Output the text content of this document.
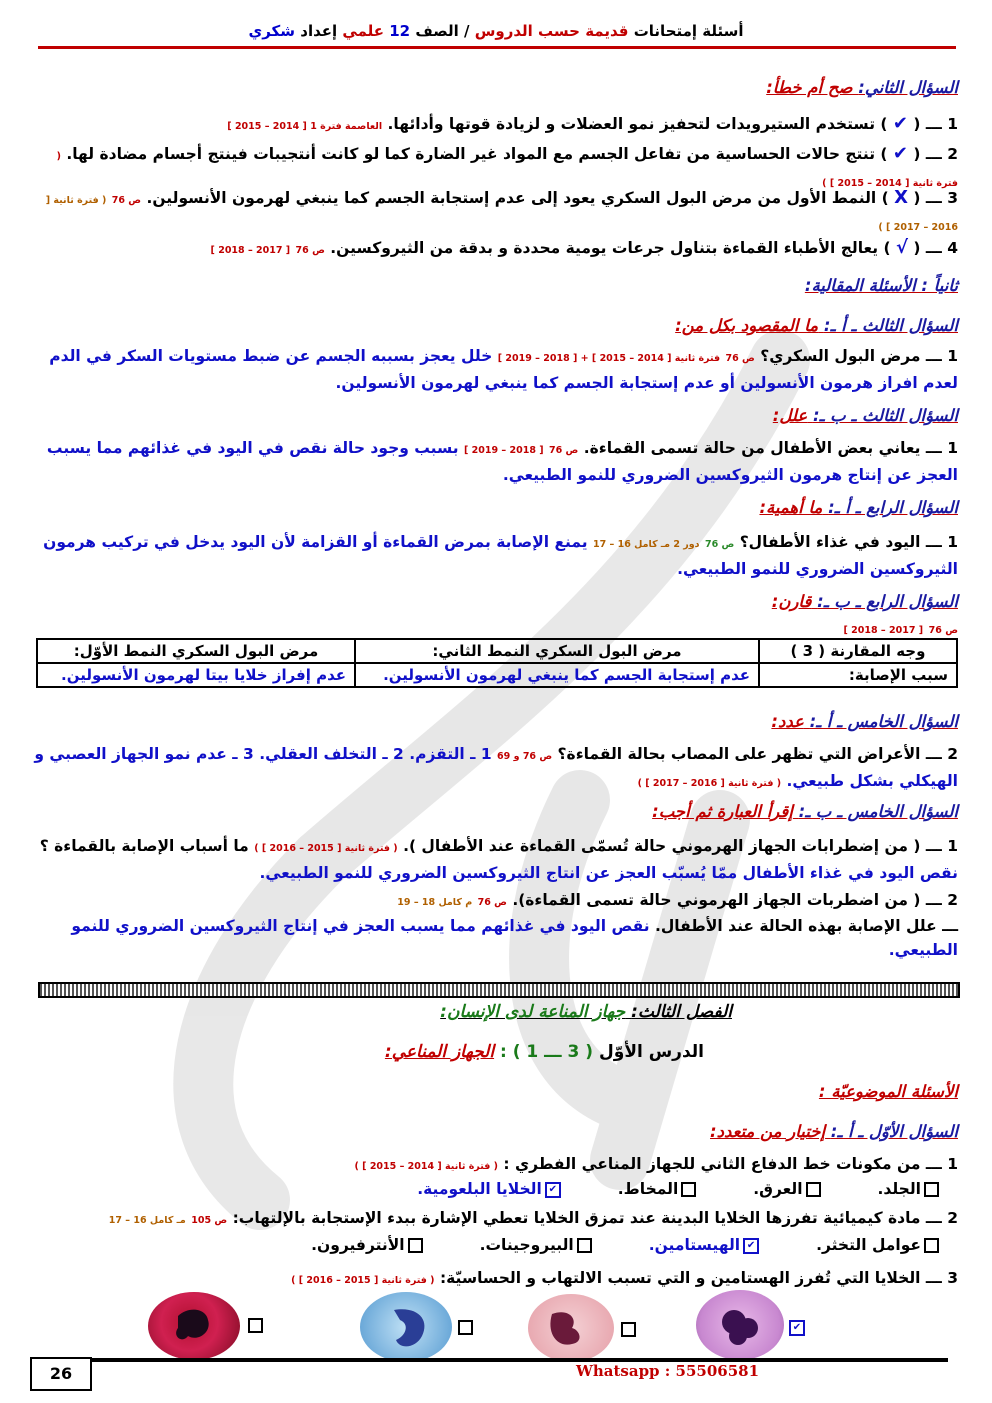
أسئلة إمتحانات قديمة حسب الدروس / الصف 12 علمي إعداد شكري
السؤال الثاني: صح أم خطأ:
1 ـــ ( ✔ ) تستخدم الستيرويدات لتحفيز نمو العضلات و لزيادة قوتها وأدائها. العاصمة فترة 1 [ 2014 – 2015 ]
2 ـــ ( ✔ ) تنتج حالات الحساسية من تفاعل الجسم مع المواد غير الضارة كما لو كانت أنتجيبات فينتج أجسام مضادة لها. ( فترة ثانية [ 2014 – 2015 ] )
3 ـــ ( X ) النمط الأول من مرض البول السكري يعود إلى عدم إستجابة الجسم كما ينبغي لهرمون الأنسولين. ص 76 ( فترة ثانية [ 2016 – 2017 ] )
4 ـــ ( √ ) يعالج الأطباء القماءة بتناول جرعات يومية محددة و بدقة من الثيروكسين. ص 76 [ 2017 – 2018 ]
ثانياً : الأسئلة المقالية:
السؤال الثالث ـ أ ـ: ما المقصود بكل من:
1 ـــ مرض البول السكري؟ ص 76 فترة ثانية [ 2014 – 2015 ] + [ 2018 – 2019 ] خلل يعجز بسببه الجسم عن ضبط مستويات السكر في الدم لعدم افراز هرمون الأنسولين أو عدم إستجابة الجسم كما ينبغي لهرمون الأنسولين.
السؤال الثالث ـ ب ـ: علل:
1 ـــ يعاني بعض الأطفال من حالة تسمى القماءة. ص 76 [ 2018 – 2019 ] بسبب وجود حالة نقص في اليود في غذائهم مما يسبب العجز عن إنتاج هرمون الثيروكسين الضروري للنمو الطبيعي.
السؤال الرابع ـ أ ـ: ما أهمية:
1 ـــ اليود في غذاء الأطفال؟ ص 76 دور 2 مـ كامل 16 – 17 يمنع الإصابة بمرض القماءة أو القزامة لأن اليود يدخل في تركيب هرمون الثيروكسين الضروري للنمو الطبيعي.
السؤال الرابع ـ ب ـ: قارن:
ص 76 [ 2017 – 2018 ]
وجه المقارنة ( 3 )	مرض البول السكري النمط الثاني:	مرض البول السكري النمط الأوّل:
سبب الإصابة:	عدم إستجابة الجسم كما ينبغي لهرمون الأنسولين.	عدم إفراز خلايا بيتا لهرمون الأنسولين.
السؤال الخامس ـ أ ـ: عدد:
2 ـــ الأعراض التي تظهر على المصاب بحالة القماءة؟ ص 76 و 69 1 ـ التقزم. 2 ـ التخلف العقلي. 3 ـ عدم نمو الجهاز العصبي و الهيكلي بشكل طبيعي. ( فترة ثانية [ 2016 – 2017 ] )
السؤال الخامس ـ ب ـ: إقرأ العبارة ثم أجب:
1 ـــ ( من إضطرابات الجهاز الهرموني حالة تُسمّى القماءة عند الأطفال ). ( فترة ثانية [ 2015 – 2016 ] ) ما أسباب الإصابة بالقماءة ؟ نقص اليود في غذاء الأطفال ممّا يُسبّب العجز عن انتاج الثيروكسين الضروري للنمو الطبيعي.
2 ـــ ( من اضطربات الجهاز الهرموني حالة تسمى القماءة). ص 76 م كامل 18 – 19
ـــ علل الإصابة بهذه الحالة عند الأطفال. نقص اليود في غذائهم مما يسبب العجز في إنتاج الثيروكسين الضروري للنمو الطبيعي.
الفصل الثالث: جهاز المناعة لدى الإنسان:
الدرس الأوّل ( 3 ـــ 1 ) : الجهاز المناعي:
الأسئلة الموضوعيّة :
السؤال الأوّل ـ أ ـ: إختيار من متعدد:
1 ـــ من مكونات خط الدفاع الثاني للجهاز المناعي الفطري : ( فترة ثانية [ 2014 – 2015 ] )
الجلد.          العرق.          المخاط.          ✔الخلايا البلعومية.
2 ـــ مادة كيميائية تفرزها الخلايا البدينة عند تمزق الخلايا تعطي الإشارة ببدء الإستجابة بالإلتهاب: ص 105 مـ كامل 16 – 17
عوامل التخثر.          ✔الهيستامين.          البيروجينات.          الأنترفيرون.
3 ـــ الخلايا التي تُفرز الهستامين و التي تسبب الالتهاب و الحساسيّة: ( فترة ثانية [ 2015 – 2016 ] )
✔
26	Whatsapp : 55506581
